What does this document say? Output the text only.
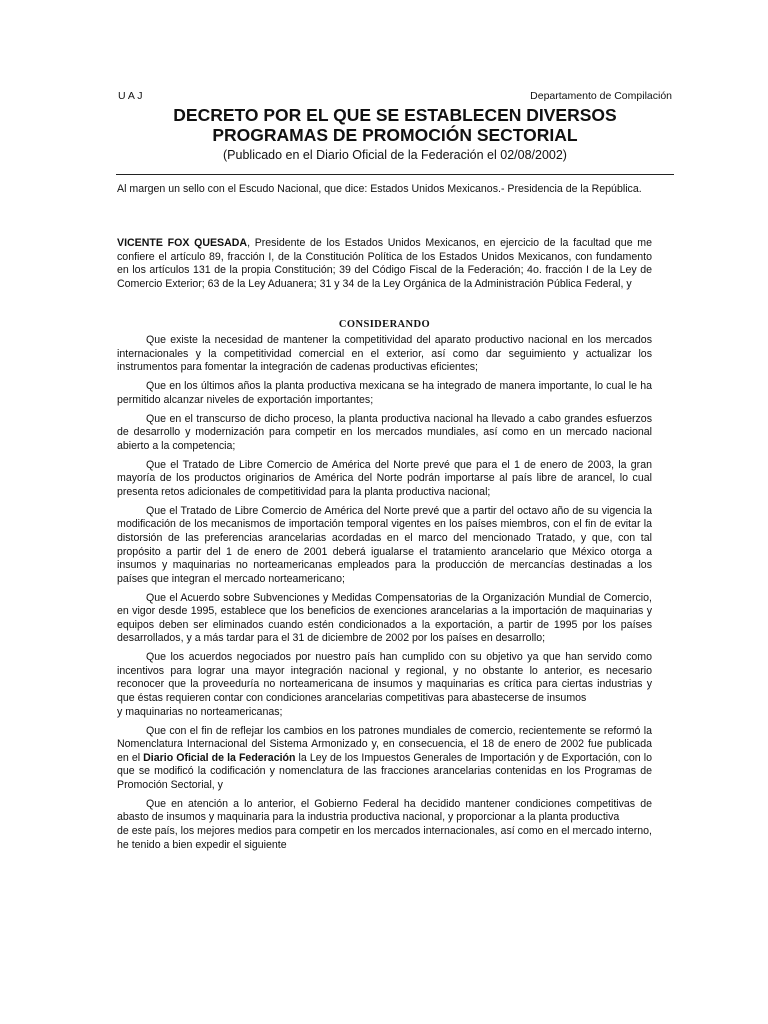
U A J	Departamento de Compilación
DECRETO POR EL QUE SE ESTABLECEN DIVERSOS
PROGRAMAS DE PROMOCIÓN SECTORIAL
(Publicado en el Diario Oficial de la Federación el 02/08/2002)
Al margen un sello con el Escudo Nacional, que dice: Estados Unidos Mexicanos.- Presidencia de la República.
VICENTE FOX QUESADA, Presidente de los Estados Unidos Mexicanos, en ejercicio de la facultad que me confiere el artículo 89, fracción I, de la Constitución Política de los Estados Unidos Mexicanos, con fundamento en los artículos 131 de la propia Constitución; 39 del Código Fiscal de la Federación; 4o. fracción I de la Ley de Comercio Exterior; 63 de la Ley Aduanera; 31 y 34 de la Ley Orgánica de la Administración Pública Federal, y
CONSIDERANDO

Que existe la necesidad de mantener la competitividad del aparato productivo nacional en los mercados internacionales y la competitividad comercial en el exterior, así como dar seguimiento y actualizar los instrumentos para fomentar la integración de cadenas productivas eficientes;

Que en los últimos años la planta productiva mexicana se ha integrado de manera importante, lo cual le ha permitido alcanzar niveles de exportación importantes;

Que en el transcurso de dicho proceso, la planta productiva nacional ha llevado a cabo grandes esfuerzos de desarrollo y modernización para competir en los mercados mundiales, así como en un mercado nacional abierto a la competencia;

Que el Tratado de Libre Comercio de América del Norte prevé que para el 1 de enero de 2003, la gran mayoría de los productos originarios de América del Norte podrán importarse al país libre de arancel, lo cual presenta retos adicionales de competitividad para la planta productiva nacional;

Que el Tratado de Libre Comercio de América del Norte prevé que a partir del octavo año de su vigencia la modificación de los mecanismos de importación temporal vigentes en los países miembros, con el fin de evitar la distorsión de las preferencias arancelarias acordadas en el marco del mencionado Tratado, y que, con tal propósito a partir del 1 de enero de 2001 deberá igualarse el tratamiento arancelario que México otorga a insumos y maquinarias no norteamericanas empleados para la producción de mercancías destinadas a los países que integran el mercado norteamericano;

Que el Acuerdo sobre Subvenciones y Medidas Compensatorias de la Organización Mundial de Comercio, en vigor desde 1995, establece que los beneficios de exenciones arancelarias a la importación de maquinarias y equipos deben ser eliminados cuando estén condicionados a la exportación, a partir de 1995 por los países desarrollados, y a más tardar para el 31 de diciembre de 2002 por los países en desarrollo;

Que los acuerdos negociados por nuestro país han cumplido con su objetivo ya que han servido como incentivos para lograr una mayor integración nacional y regional, y no obstante lo anterior, es necesario reconocer que la proveeduría no norteamericana de insumos y maquinarias es crítica para ciertas industrias y que éstas requieren contar con condiciones arancelarias competitivas para abastecerse de insumos

y maquinarias no norteamericanas;

Que con el fin de reflejar los cambios en los patrones mundiales de comercio, recientemente se reformó la Nomenclatura Internacional del Sistema Armonizado y, en consecuencia, el 18 de enero de 2002 fue publicada en el Diario Oficial de la Federación la Ley de los Impuestos Generales de Importación y de Exportación, con lo que se modificó la codificación y nomenclatura de las fracciones arancelarias contenidas en los Programas de Promoción Sectorial, y

Que en atención a lo anterior, el Gobierno Federal ha decidido mantener condiciones competitivas de abasto de insumos y maquinaria para la industria productiva nacional, y proporcionar a la planta productiva

de este país, los mejores medios para competir en los mercados internacionales, así como en el mercado interno, he tenido a bien expedir el siguiente
